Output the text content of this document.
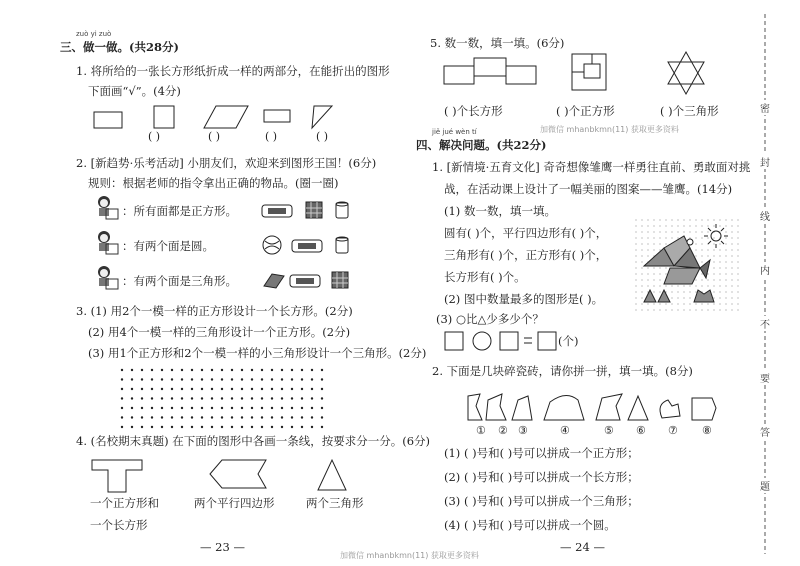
zuò yi zuò
三、做一做。(共28分)
1. 将所给的一张长方形纸折成一样的两部分，在能折出的图形
下面画“√”。(4分)
( )	( )	( )	( )
2. [新趋势·乐考活动] 小朋友们，欢迎来到图形王国！(6分)
规则：根据老师的指令拿出正确的物品。(圈一圈)
：所有面都是正方形。
：有两个面是圆。
：有两个面是三角形。
3. (1) 用2个一模一样的正方形设计一个长方形。(2分)
(2) 用4个一模一样的三角形设计一个正方形。(2分)
(3) 用1个正方形和2个一模一样的小三角形设计一个三角形。(2分)
4. (名校期末真题) 在下面的图形中各画一条线，按要求分一分。(6分)
一个正方形和
一个长方形
两个平行四边形	两个三角形
— 23 —
5. 数一数，填一填。(6分)
( )个长方形	( )个正方形	( )个三角形
加微信 mhanbkmn(11) 获取更多资料
jiě jué wèn tí
四、解决问题。(共22分)
1. [新情境·五育文化] 奇奇想像雏鹰一样勇往直前、勇敢面对挑
战，在活动课上设计了一幅美丽的图案——雏鹰。(14分)
(1) 数一数，填一填。
圆有( )个，平行四边形有( )个，
三角形有( )个，正方形有( )个，
长方形有( )个。
(2) 图中数量最多的图形是( )。
(3) ○比△少多少个？
(个)
2. 下面是几块碎瓷砖，请你拼一拼，填一填。(8分)
① ② ③	④	⑤ ⑥ ⑦ ⑧
(1) ( )号和( )号可以拼成一个正方形；
(2) ( )号和( )号可以拼成一个长方形；
(3) ( )号和( )号可以拼成一个三角形；
(4) ( )号和( )号可以拼成一个圆。
— 24 —
加微信 mhanbkmn(11) 获取更多资料
密
封
线
内
不
要
答
题
